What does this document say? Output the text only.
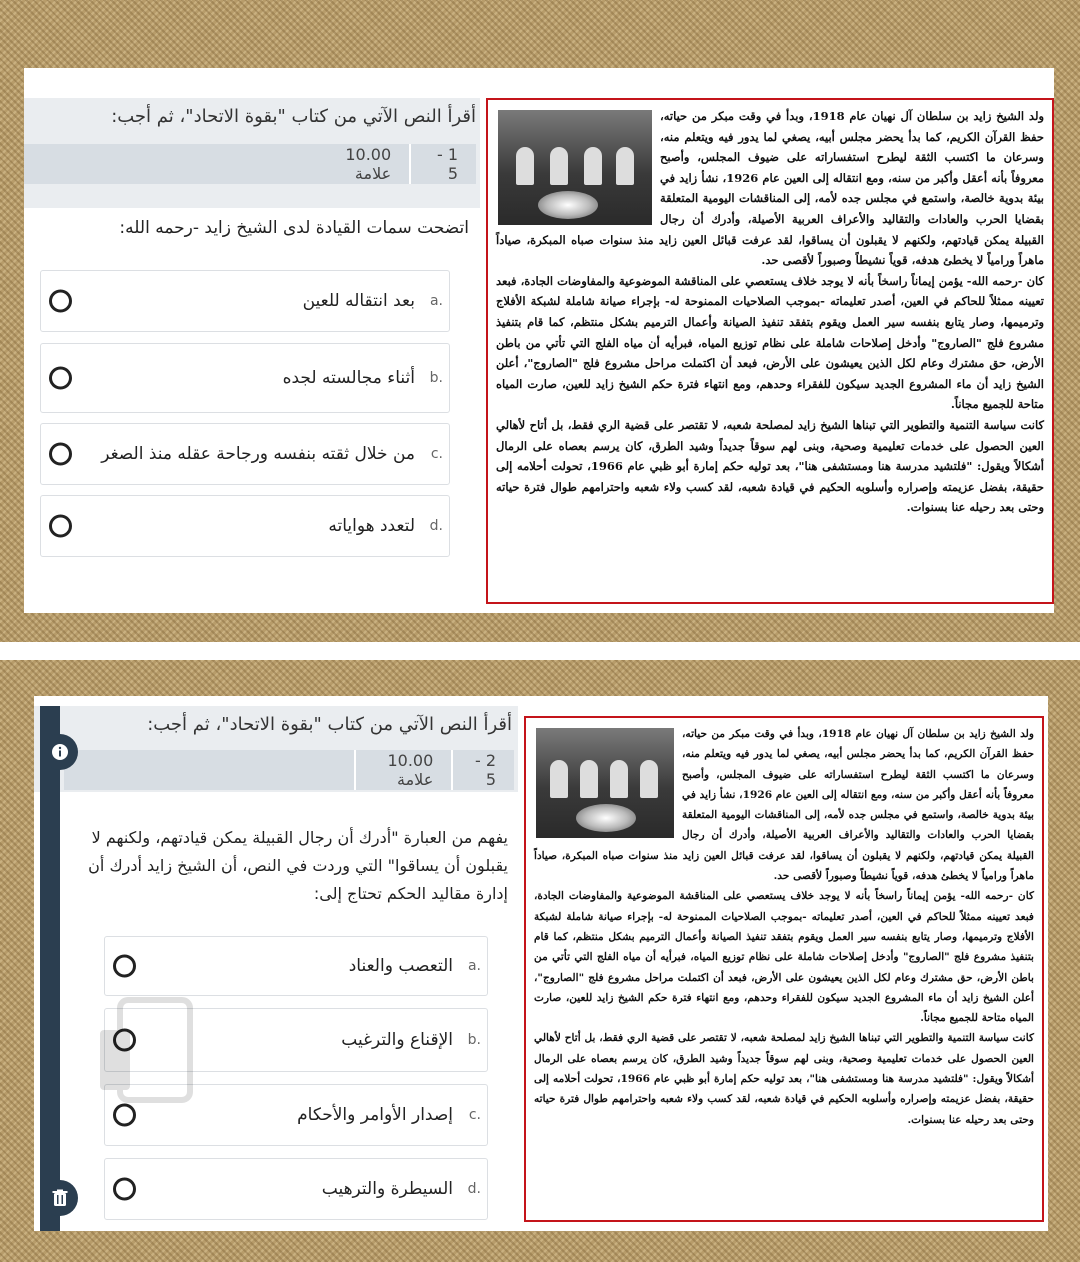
أقرأ النص الآتي من كتاب "بقوة الاتحاد"، ثم أجب:
1 - 5
10.00 علامة
اتضحت سمات القيادة لدى الشيخ زايد -رحمه الله:
a.
بعد انتقاله للعين
b.
أثناء مجالسته لجده
c.
من خلال ثقته بنفسه ورجاحة عقله منذ الصغر
d.
لتعدد هواياته
ولد الشيخ زايد بن سلطان آل نهيان عام 1918، وبدأ في وقت مبكر من حياته، حفظ القرآن الكريم، كما بدأ يحضر مجلس أبيه، يصغي لما يدور فيه ويتعلم منه، وسرعان ما اكتسب الثقة ليطرح استفساراته على ضيوف المجلس، وأصبح معروفاً بأنه أعقل وأكبر من سنه، ومع انتقاله إلى العين عام 1926، نشأ زايد في بيئة بدوية خالصة، واستمع في مجلس جده لأمه، إلى المناقشات اليومية المتعلقة بقضايا الحرب والعادات والتقاليد والأعراف العربية الأصيلة، وأدرك أن رجال القبيلة يمكن قيادتهم، ولكنهم لا يقبلون أن يساقوا، لقد عرفت قبائل العين زايد منذ سنوات صباه المبكرة، صياداً ماهراً ورامياً لا يخطئ هدفه، قوياً نشيطاً وصبوراً لأقصى حد.
كان -رحمه الله- يؤمن إيماناً راسخاً بأنه لا يوجد خلاف يستعصي على المناقشة الموضوعية والمفاوضات الجادة، فبعد تعيينه ممثلاً للحاكم في العين، أصدر تعليماته -بموجب الصلاحيات الممنوحة له- بإجراء صيانة شاملة لشبكة الأفلاج وترميمها، وصار يتابع بنفسه سير العمل ويقوم بتفقد تنفيذ الصيانة وأعمال الترميم بشكل منتظم، كما قام بتنفيذ مشروع فلج "الصاروج" وأدخل إصلاحات شاملة على نظام توزيع المياه، فبرأيه أن مياه الفلج التي تأتي من باطن الأرض، حق مشترك وعام لكل الذين يعيشون على الأرض، فبعد أن اكتملت مراحل مشروع فلج "الصاروج"، أعلن الشيخ زايد أن ماء المشروع الجديد سيكون للفقراء وحدهم، ومع انتهاء فترة حكم الشيخ زايد للعين، صارت المياه متاحة للجميع مجاناً.
كانت سياسة التنمية والتطوير التي تبناها الشيخ زايد لمصلحة شعبه، لا تقتصر على قضية الري فقط، بل أتاح لأهالي العين الحصول على خدمات تعليمية وصحية، وبنى لهم سوقاً جديداً وشيد الطرق، كان يرسم بعصاه على الرمال أشكالاً ويقول: "فلتشيد مدرسة هنا ومستشفى هنا"، بعد توليه حكم إمارة أبو ظبي عام 1966، تحولت أحلامه إلى حقيقة، بفضل عزيمته وإصراره وأسلوبه الحكيم في قيادة شعبه، لقد كسب ولاء شعبه واحترامهم طوال فترة حياته وحتى بعد رحيله عنا بسنوات.
أقرأ النص الآتي من كتاب "بقوة الاتحاد"، ثم أجب:
2 - 5
10.00 علامة
يفهم من العبارة "أدرك أن رجال القبيلة يمكن قيادتهم، ولكنهم لا يقبلون أن يساقوا" التي وردت في النص، أن الشيخ زايد أدرك أن إدارة مقاليد الحكم تحتاج إلى:
a.
التعصب والعناد
b.
الإقناع والترغيب
c.
إصدار الأوامر والأحكام
d.
السيطرة والترهيب
ولد الشيخ زايد بن سلطان آل نهيان عام 1918، وبدأ في وقت مبكر من حياته، حفظ القرآن الكريم، كما بدأ يحضر مجلس أبيه، يصغي لما يدور فيه ويتعلم منه، وسرعان ما اكتسب الثقة ليطرح استفساراته على ضيوف المجلس، وأصبح معروفاً بأنه أعقل وأكبر من سنه، ومع انتقاله إلى العين عام 1926، نشأ زايد في بيئة بدوية خالصة، واستمع في مجلس جده لأمه، إلى المناقشات اليومية المتعلقة بقضايا الحرب والعادات والتقاليد والأعراف العربية الأصيلة، وأدرك أن رجال القبيلة يمكن قيادتهم، ولكنهم لا يقبلون أن يساقوا، لقد عرفت قبائل العين زايد منذ سنوات صباه المبكرة، صياداً ماهراً ورامياً لا يخطئ هدفه، قوياً نشيطاً وصبوراً لأقصى حد.
كان -رحمه الله- يؤمن إيماناً راسخاً بأنه لا يوجد خلاف يستعصي على المناقشة الموضوعية والمفاوضات الجادة، فبعد تعيينه ممثلاً للحاكم في العين، أصدر تعليماته -بموجب الصلاحيات الممنوحة له- بإجراء صيانة شاملة لشبكة الأفلاج وترميمها، وصار يتابع بنفسه سير العمل ويقوم بتفقد تنفيذ الصيانة وأعمال الترميم بشكل منتظم، كما قام بتنفيذ مشروع فلج "الصاروج" وأدخل إصلاحات شاملة على نظام توزيع المياه، فبرأيه أن مياه الفلج التي تأتي من باطن الأرض، حق مشترك وعام لكل الذين يعيشون على الأرض، فبعد أن اكتملت مراحل مشروع فلج "الصاروج"، أعلن الشيخ زايد أن ماء المشروع الجديد سيكون للفقراء وحدهم، ومع انتهاء فترة حكم الشيخ زايد للعين، صارت المياه متاحة للجميع مجاناً.
كانت سياسة التنمية والتطوير التي تبناها الشيخ زايد لمصلحة شعبه، لا تقتصر على قضية الري فقط، بل أتاح لأهالي العين الحصول على خدمات تعليمية وصحية، وبنى لهم سوقاً جديداً وشيد الطرق، كان يرسم بعصاه على الرمال أشكالاً ويقول: "فلتشيد مدرسة هنا ومستشفى هنا"، بعد توليه حكم إمارة أبو ظبي عام 1966، تحولت أحلامه إلى حقيقة، بفضل عزيمته وإصراره وأسلوبه الحكيم في قيادة شعبه، لقد كسب ولاء شعبه واحترامهم طوال فترة حياته وحتى بعد رحيله عنا بسنوات.
